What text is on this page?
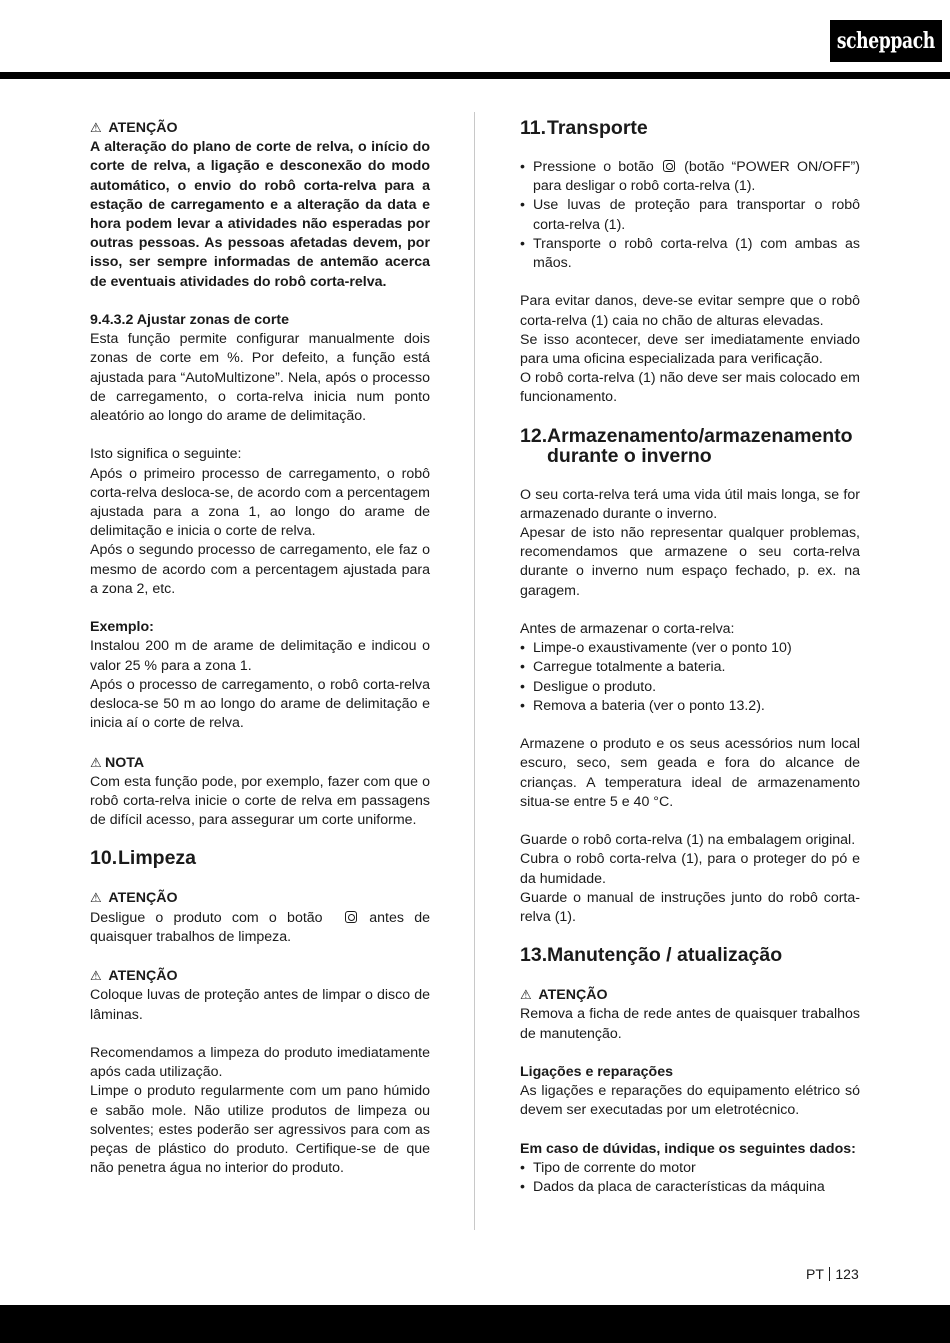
scheppach

⚠ ATENÇÃO

A alteração do plano de corte de relva, o início do corte de relva, a ligação e desconexão do modo automático, o envio do robô corta-relva para a estação de carregamento e a alteração da data e hora podem levar a atividades não esperadas por outras pessoas. As pessoas afetadas devem, por isso, ser sempre informadas de antemão acerca de eventuais atividades do robô corta-relva.

9.4.3.2 Ajustar zonas de corte

Esta função permite configurar manualmente dois zonas de corte em %. Por defeito, a função está ajustada para “AutoMultizone”. Nela, após o processo de carregamento, o corta-relva inicia num ponto aleatório ao longo do arame de delimitação.

Isto significa o seguinte:

Após o primeiro processo de carregamento, o robô corta-relva desloca-se, de acordo com a percentagem ajustada para a zona 1, ao longo do arame de delimitação e inicia o corte de relva.

Após o segundo processo de carregamento, ele faz o mesmo de acordo com a percentagem ajustada para a zona 2, etc.

Exemplo:

Instalou 200 m de arame de delimitação e indicou o valor 25 % para a zona 1.

Após o processo de carregamento, o robô corta-relva desloca-se 50 m ao longo do arame de delimitação e inicia aí o corte de relva.

⚠ NOTA

Com esta função pode, por exemplo, fazer com que o robô corta-relva inicie o corte de relva em passagens de difícil acesso, para assegurar um corte uniforme.

10. Limpeza

⚠ ATENÇÃO

Desligue o produto com o botão	antes de quaisquer trabalhos de limpeza.

⚠ ATENÇÃO

Coloque luvas de proteção antes de limpar o disco de lâminas.

Recomendamos a limpeza do produto imediatamente após cada utilização.

Limpe o produto regularmente com um pano húmido e sabão mole. Não utilize produtos de limpeza ou solventes; estes poderão ser agressivos para com as peças de plástico do produto. Certifique-se de que não penetra água no interior do produto.

11. Transporte
• Pressione o botão (botão “POWER ON/OFF”) para desligar o robô corta-relva (1).
• Use luvas de proteção para transportar o robô corta-relva (1).
• Transporte o robô corta-relva (1) com ambas as mãos.

Para evitar danos, deve-se evitar sempre que o robô corta-relva (1) caia no chão de alturas elevadas.

Se isso acontecer, deve ser imediatamente enviado para uma oficina especializada para verificação.

O robô corta-relva (1) não deve ser mais colocado em funcionamento.

12. Armazenamento/armazenamento
durante o inverno

O seu corta-relva terá uma vida útil mais longa, se for armazenado durante o inverno.

Apesar de isto não representar qualquer problemas, recomendamos que armazene o seu corta-relva durante o inverno num espaço fechado, p. ex. na garagem.

Antes de armazenar o corta-relva:

• Limpe-o exaustivamente (ver o ponto 10)
• Carregue totalmente a bateria.
• Desligue o produto.
• Remova a bateria (ver o ponto 13.2).

Armazene o produto e os seus acessórios num local escuro, seco, sem geada e fora do alcance de crianças. A temperatura ideal de armazenamento situa-se entre 5 e 40 °C.

Guarde o robô corta-relva (1) na embalagem original.

Cubra o robô corta-relva (1), para o proteger do pó e da humidade.

Guarde o manual de instruções junto do robô corta-relva (1).

13. Manutenção / atualização

⚠ ATENÇÃO

Remova a ficha de rede antes de quaisquer trabalhos de manutenção.

Ligações e reparações

As ligações e reparações do equipamento elétrico só devem ser executadas por um eletrotécnico.

Em caso de dúvidas, indique os seguintes dados:

• Tipo de corrente do motor
• Dados da placa de características da máquina
PT 123
